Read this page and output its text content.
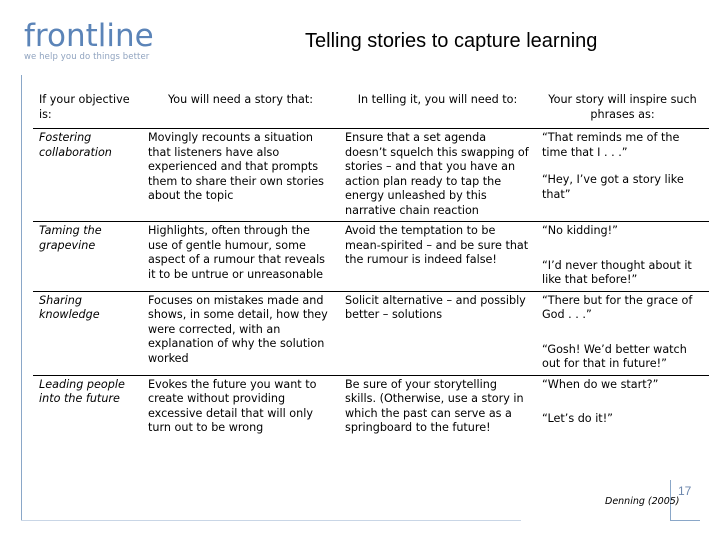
frontline
we help you do things better
Telling stories to capture learning
If your objective is:	You will need a story that:	In telling it, you will need to:	Your story will inspire such phrases as:
Fostering collaboration	Movingly recounts a situation that listeners have also experienced and that prompts them to share their own stories about the topic	Ensure that a set agenda doesn’t squelch this swapping of stories – and that you have an action plan ready to tap the energy unleashed by this narrative chain reaction	“That reminds me of the time that I . . .”
“Hey, I’ve got a story like that”

Taming the grapevine	Highlights, often through the use of gentle humour, some aspect of a rumour that reveals it to be untrue or unreasonable	Avoid the temptation to be mean-spirited – and be sure that the rumour is indeed false!	“No kidding!”
“I’d never thought about it like that before!”

Sharing knowledge	Focuses on mistakes made and shows, in some detail, how they were corrected, with an explanation of why the solution worked	Solicit alternative – and possibly better – solutions	“There but for the grace of God . . .”
“Gosh! We’d better watch out for that in future!”

Leading people into the future	Evokes the future you want to create without providing excessive detail that will only turn out to be wrong	Be sure of your storytelling skills. (Otherwise, use a story in which the past can serve as a springboard to the future!	“When do we start?”
“Let’s do it!”
Denning (2005)
17
